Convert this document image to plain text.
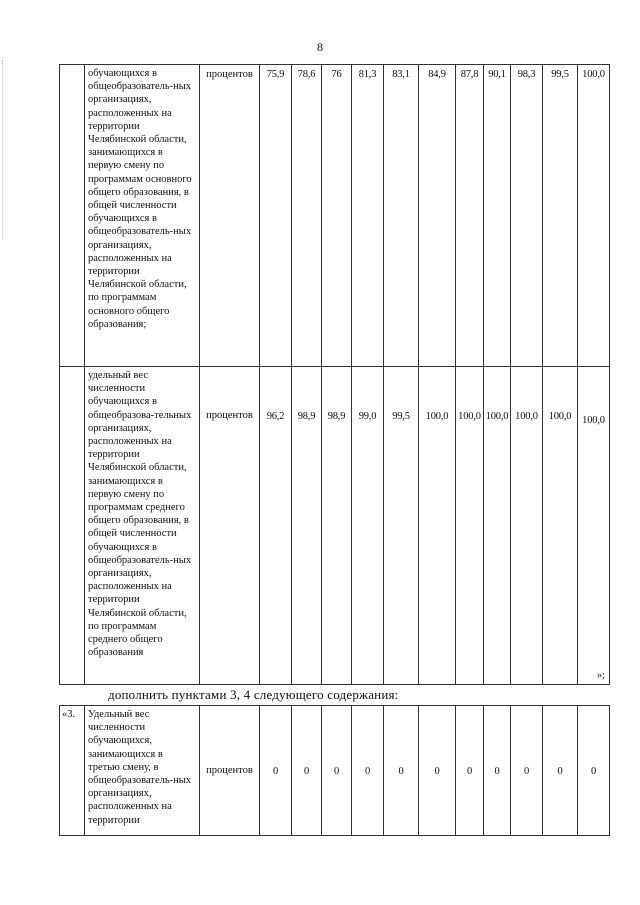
8
	обучающихся в общеобразователь-ных организациях, расположенных на территории Челябинской области, занимающихся в первую смену по программам основного общего образования, в общей численности обучающихся в общеобразователь-ных организациях, расположенных на территории Челябинской области, по программам основного общего образования;	процентов	75,9	78,6	76	81,3	83,1	84,9	87,8	90,1	98,3	99,5	100,0
	удельный вес численности обучающихся в общеобразова-тельных организациях, расположенных на территории Челябинской области, занимающихся в первую смену по программам среднего общего образования, в общей численности обучающихся в общеобразователь-ных организациях, расположенных на территории Челябинской области, по программам среднего общего образования	процентов	96,2	98,9	98,9	99,0	99,5	100,0	100,0	100,0	100,0	100,0	100,0
»;
дополнить пунктами 3, 4 следующего содержания:
«3.	Удельный вес численности обучающихся, занимающихся в третью смену, в общеобразователь-ных организациях, расположенных на территории	процентов	0	0	0	0	0	0	0	0	0	0	0
